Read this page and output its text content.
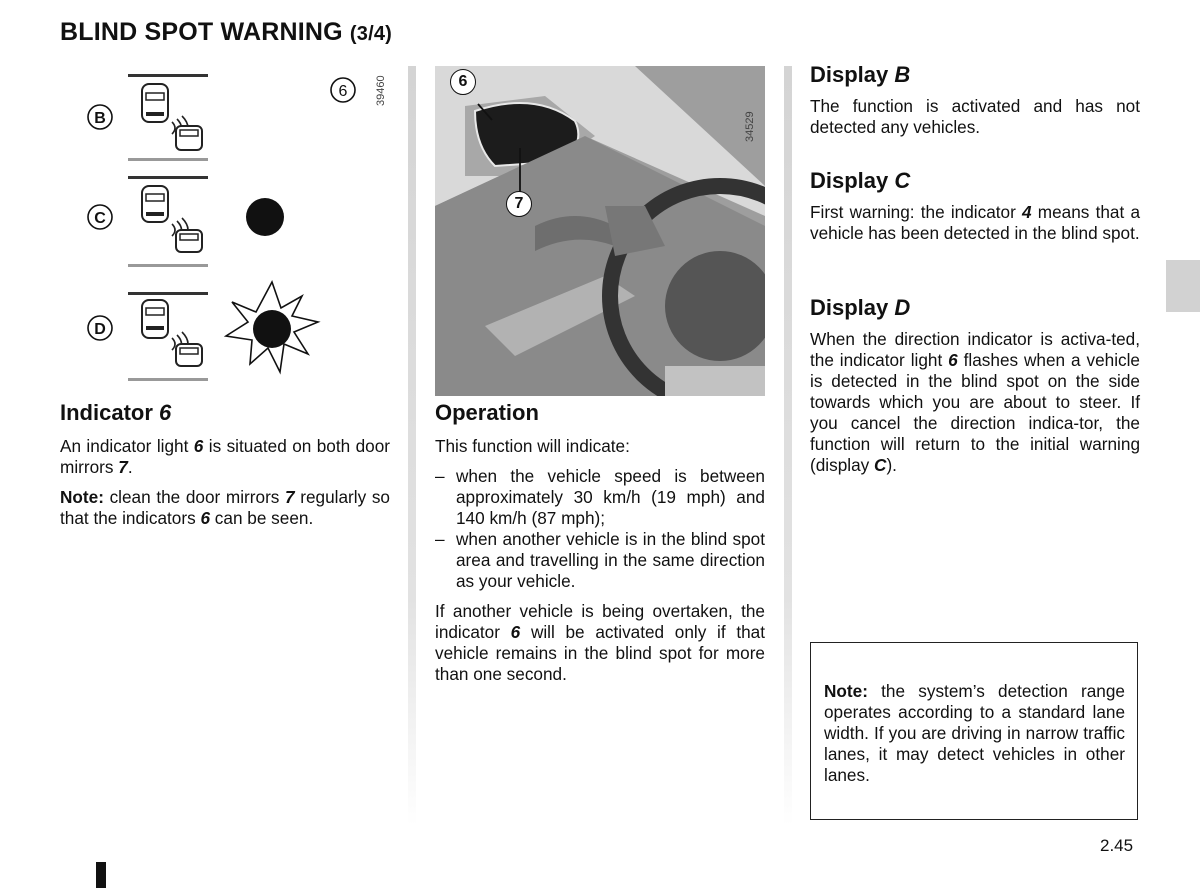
BLIND SPOT WARNING (3/4)
B
C
D
6	39460	6
7
34529
Indicator 6
An indicator light 6 is situated on both door mirrors 7.
Note: clean the door mirrors 7 regularly so that the indicators 6 can be seen.
Operation
This function will indicate:
– when the vehicle speed is between approximately 30 km/h (19 mph) and 140 km/h (87 mph);
– when another vehicle is in the blind spot area and travelling in the same direction as your vehicle.
If another vehicle is being overtaken, the indicator 6 will be activated only if that vehicle remains in the blind spot for more than one second.
Display B
The function is activated and has not detected any vehicles.
Display C
First warning: the indicator 4 means that a vehicle has been detected in the blind spot.
Display D
When the direction indicator is activa-ted, the indicator light 6 flashes when a vehicle is detected in the blind spot on the side towards which you are about to steer. If you cancel the direction indica-tor, the function will return to the initial warning (display C).
Note: the system’s detection range operates according to a standard lane width. If you are driving in narrow traffic lanes, it may detect vehicles in other lanes.
2.45
